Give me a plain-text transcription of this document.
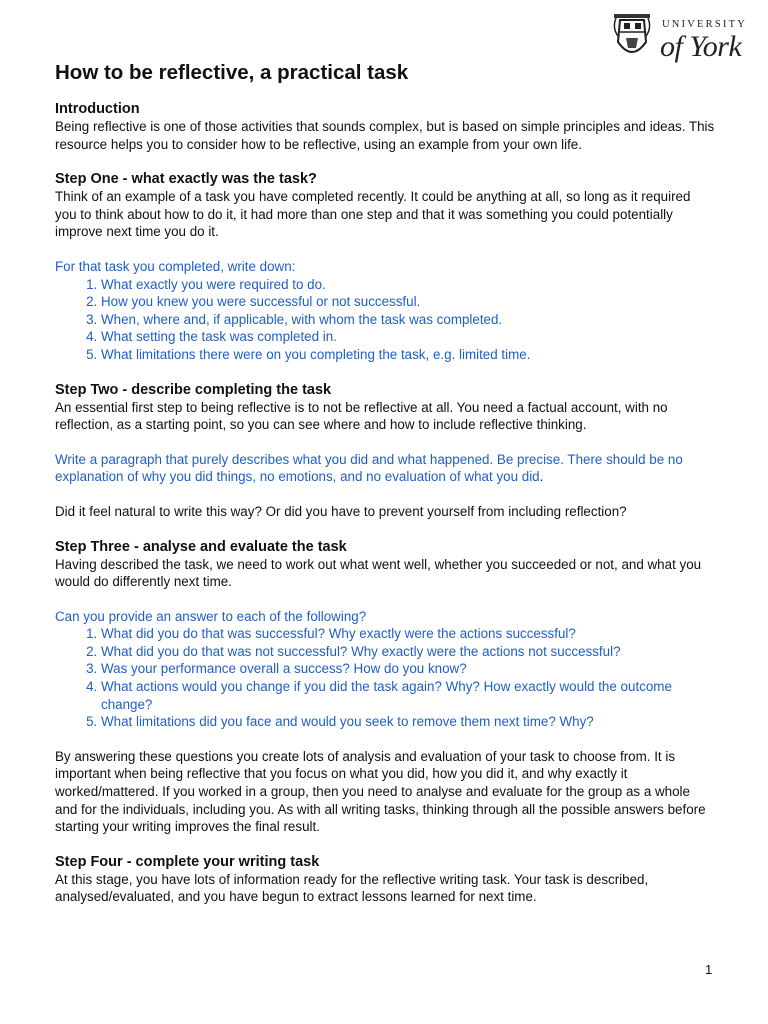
UNIVERSITY
of York
How to be reflective, a practical task
Introduction

Being reflective is one of those activities that sounds complex, but is based on simple principles and ideas. This resource helps you to consider how to be reflective, using an example from your own life.

Step One - what exactly was the task?

Think of an example of a task you have completed recently. It could be anything at all, so long as it required you to think about how to do it, it had more than one step and that it was something you could potentially improve next time you do it.

For that task you completed, write down:

1. What exactly you were required to do.
2. How you knew you were successful or not successful.
3. When, where and, if applicable, with whom the task was completed.
4. What setting the task was completed in.
5. What limitations there were on you completing the task, e.g. limited time.
Step Two - describe completing the task

An essential first step to being reflective is to not be reflective at all. You need a factual account, with no reflection, as a starting point, so you can see where and how to include reflective thinking.

Write a paragraph that purely describes what you did and what happened. Be precise. There should be no explanation of why you did things, no emotions, and no evaluation of what you did.

Did it feel natural to write this way? Or did you have to prevent yourself from including reflection?

Step Three - analyse and evaluate the task

Having described the task, we need to work out what went well, whether you succeeded or not, and what you would do differently next time.

Can you provide an answer to each of the following?

1. What did you do that was successful? Why exactly were the actions successful?
2. What did you do that was not successful? Why exactly were the actions not successful?
3. Was your performance overall a success? How do you know?
4. What actions would you change if you did the task again? Why? How exactly would the outcome change?
5. What limitations did you face and would you seek to remove them next time? Why?

By answering these questions you create lots of analysis and evaluation of your task to choose from. It is important when being reflective that you focus on what you did, how you did it, and why exactly it worked/mattered. If you worked in a group, then you need to analyse and evaluate for the group as a whole and for the individuals, including you. As with all writing tasks, thinking through all the possible answers before starting your writing improves the final result.

Step Four - complete your writing task

At this stage, you have lots of information ready for the reflective writing task. Your task is described, analysed/evaluated, and you have begun to extract lessons learned for next time.

1
